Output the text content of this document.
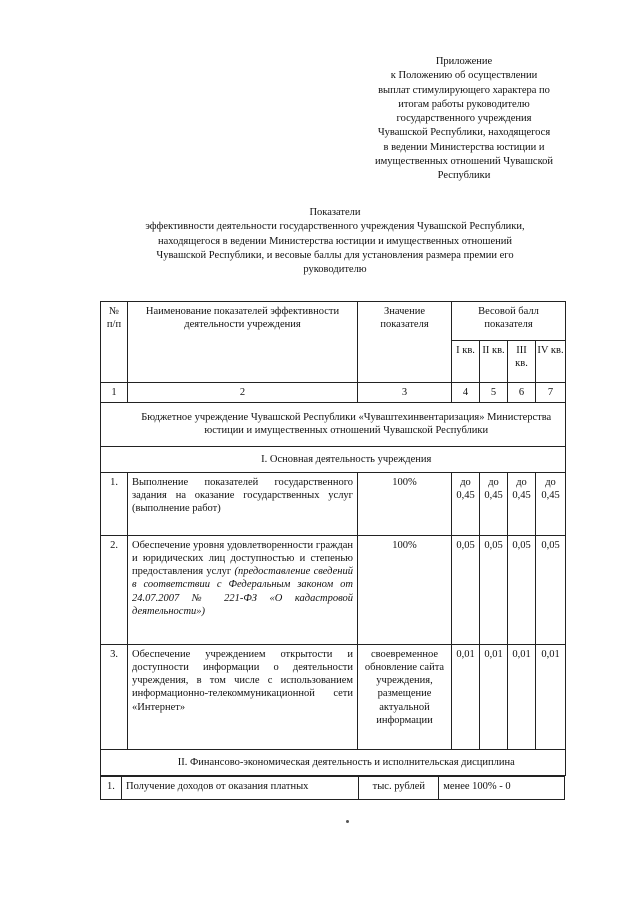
Приложение
к Положению об осуществлении
выплат стимулирующего характера по
итогам работы руководителю
государственного учреждения
Чувашской Республики, находящегося
в ведении Министерства юстиции и
имущественных отношений Чувашской
Республики
Показатели
эффективности деятельности государственного учреждения Чувашской Республики,
находящегося в ведении Министерства юстиции и имущественных отношений
Чувашской Республики, и весовые баллы для установления размера премии его
руководителю
№ п/п	Наименование показателей эффективности деятельности учреждения	Значение показателя	Весовой балл показателя			
			I кв.	II кв.	III кв.	IV кв.
1	2	3	4	5	6	7
	Бюджетное учреждение Чувашской Республики «Чуваштехинвентаризация» Министерства юстиции и имущественных отношений Чувашской Республики					
	I. Основная деятельность учреждения					
1.	Выполнение показателей государственного задания на оказание государственных услуг (выполнение работ)	100%	до 0,45	до 0,45	до 0,45	до 0,45
2.	Обеспечение уровня удовлетворенности граждан и юридических лиц доступностью и степенью предоставления услуг (предоставление сведений в соответствии с Федеральным законом от 24.07.2007 № 221-ФЗ «О кадастровой деятельности»)	100%	0,05	0,05	0,05	0,05
3.	Обеспечение учреждением открытости и доступности информации о деятельности учреждения, в том числе с использованием информационно-телекоммуникационной сети «Интернет»	своевременное обновление сайта учреждения, размещение актуальной информации	0,01	0,01	0,01	0,01
	II. Финансово-экономическая деятельность и исполнительская дисциплина					
1.	Получение доходов от оказания платных	тыс. рублей	менее 100% - 0
